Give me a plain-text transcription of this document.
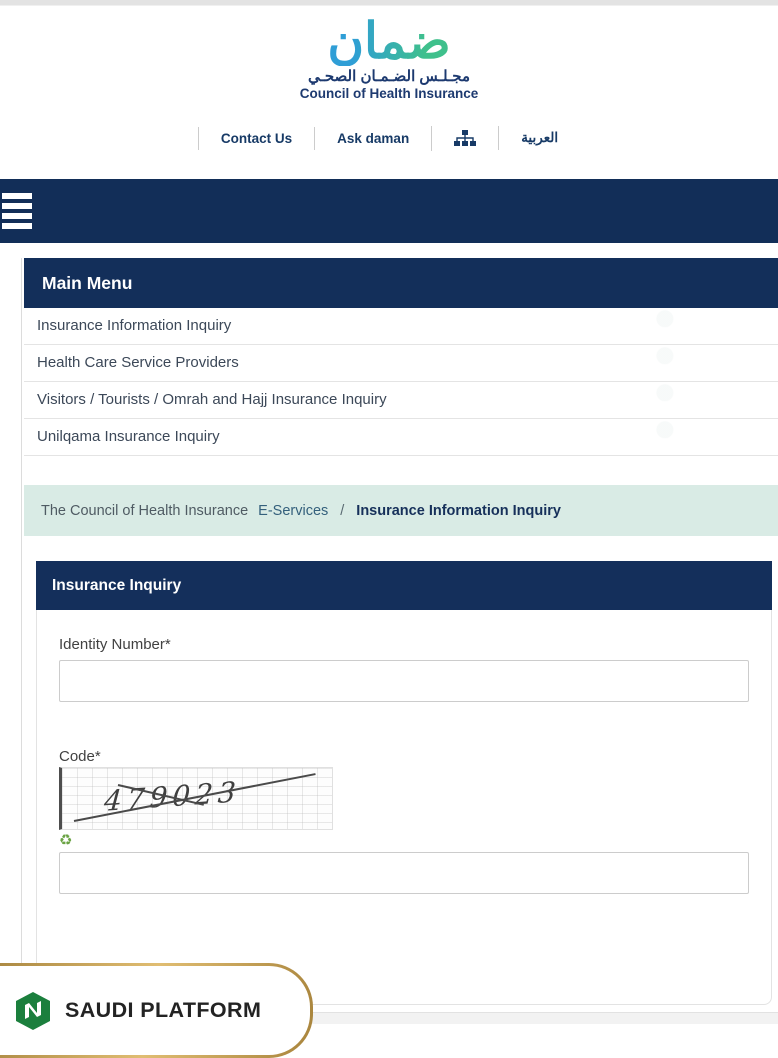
ضمان
مجـلـس الضـمـان الصحـي
Council of Health Insurance
Contact Us	Ask daman	العربية
Main Menu
Insurance Information Inquiry
Health Care Service Providers
Visitors / Tourists / Omrah and Hajj Insurance Inquiry
Unilqama Insurance Inquiry
The Council of Health Insurance E-Services / Insurance Information Inquiry
Insurance Inquiry
Identity Number*
Code*
479023
♻
SAUDI PLATFORM
